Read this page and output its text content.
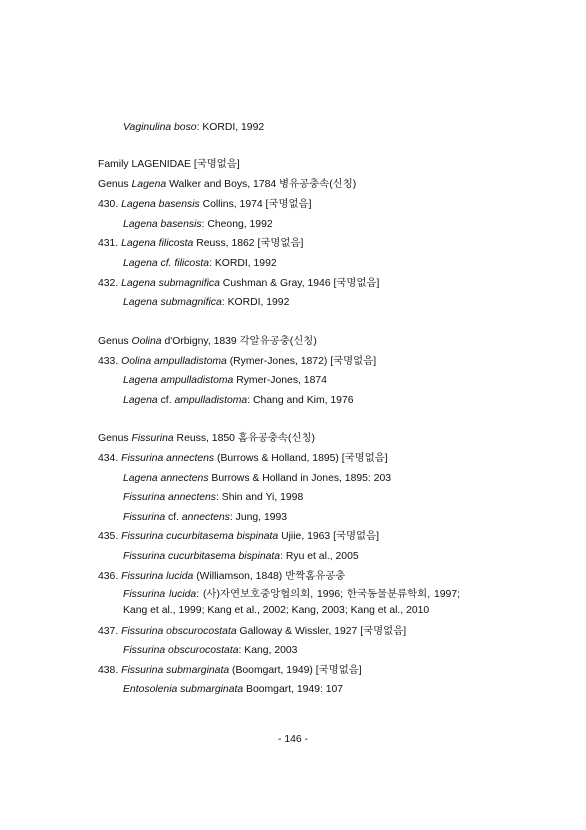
Vaginulina boso: KORDI, 1992
Family LAGENIDAE [국명없음]
Genus Lagena Walker and Boys, 1784 병유공충속(신칭)
430. Lagena basensis Collins, 1974 [국명없음]
Lagena basensis: Cheong, 1992
431. Lagena filicosta Reuss, 1862 [국명없음]
Lagena cf. filicosta: KORDI, 1992
432. Lagena submagnifica Cushman & Gray, 1946 [국명없음]
Lagena submagnifica: KORDI, 1992
Genus Oolina d'Orbigny, 1839 각알유공충(신칭)
433. Oolina ampulladistoma (Rymer-Jones, 1872) [국명없음]
Lagena ampulladistoma Rymer-Jones, 1874
Lagena cf. ampulladistoma: Chang and Kim, 1976
Genus Fissurina Reuss, 1850 홈유공충속(신칭)
434. Fissurina annectens (Burrows & Holland, 1895) [국명없음]
Lagena annectens Burrows & Holland in Jones, 1895: 203
Fissurina annectens: Shin and Yi, 1998
Fissurina cf. annectens: Jung, 1993
435. Fissurina cucurbitasema bispinata Ujiie, 1963 [국명없음]
Fissurina cucurbitasema bispinata: Ryu et al., 2005
436. Fissurina lucida (Williamson, 1848) 반짝홈유공충
Fissurina lucida: (사)자연보호중앙협의회, 1996; 한국동물분류학회, 1997; Kang et al., 1999; Kang et al., 2002; Kang, 2003; Kang et al., 2010
437. Fissurina obscurocostata Galloway & Wissler, 1927 [국명없음]
Fissurina obscurocostata: Kang, 2003
438. Fissurina submarginata (Boomgart, 1949) [국명없음]
Entosolenia submarginata Boomgart, 1949: 107
- 146 -
